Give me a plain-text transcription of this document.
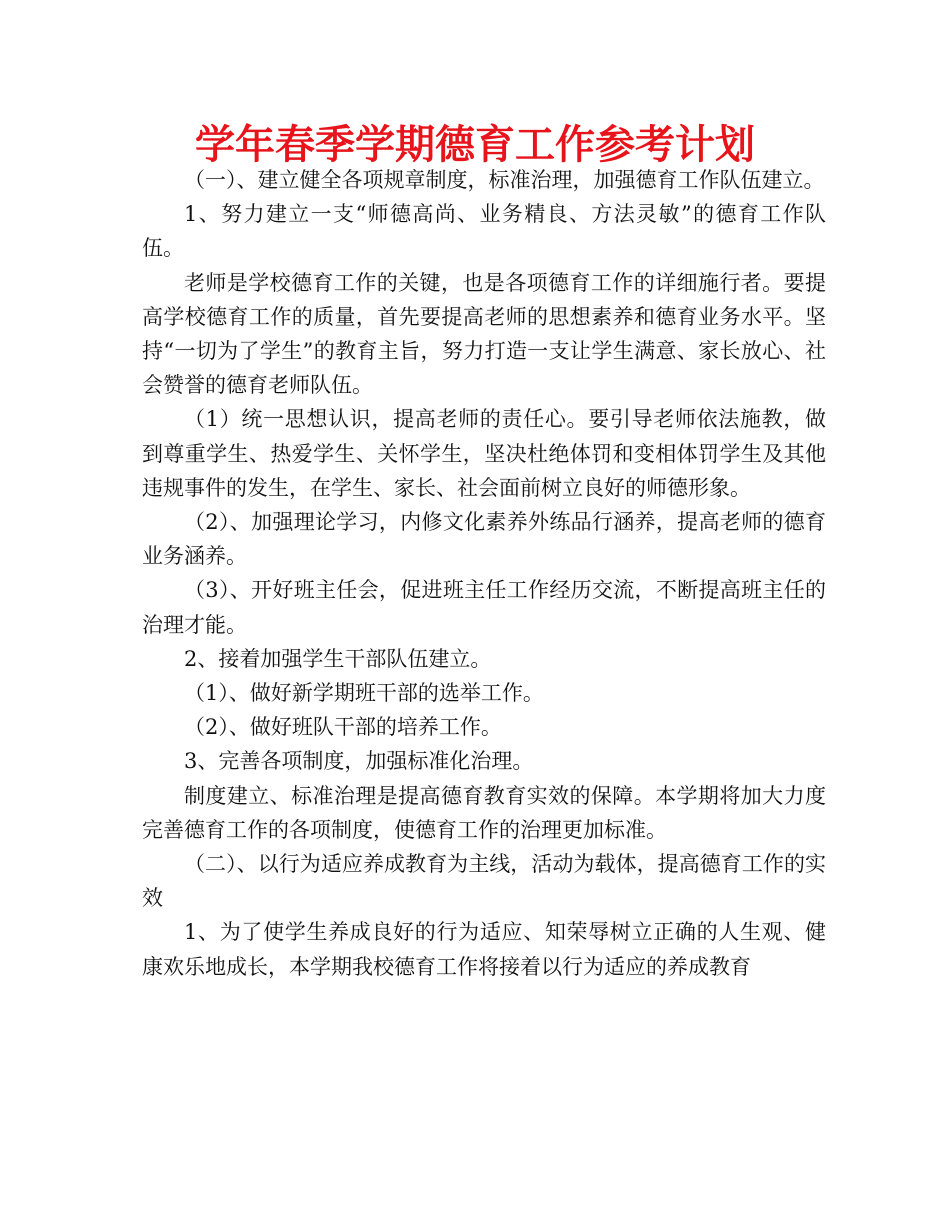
学年春季学期德育工作参考计划

（一）、建立健全各项规章制度，标准治理，加强德育工作队伍建立。

1、努力建立一支“师德高尚、业务精良、方法灵敏”的德育工作队伍。

老师是学校德育工作的关键，也是各项德育工作的详细施行者。要提高学校德育工作的质量，首先要提高老师的思想素养和德育业务水平。坚持“一切为了学生”的教育主旨，努力打造一支让学生满意、家长放心、社会赞誉的德育老师队伍。

（1）统一思想认识，提高老师的责任心。要引导老师依法施教，做到尊重学生、热爱学生、关怀学生，坚决杜绝体罚和变相体罚学生及其他违规事件的发生，在学生、家长、社会面前树立良好的师德形象。

（2）、加强理论学习，内修文化素养外练品行涵养，提高老师的德育业务涵养。

（3）、开好班主任会，促进班主任工作经历交流，不断提高班主任的治理才能。

2、接着加强学生干部队伍建立。

（1）、做好新学期班干部的选举工作。

（2）、做好班队干部的培养工作。

3、完善各项制度，加强标准化治理。

制度建立、标准治理是提高德育教育实效的保障。本学期将加大力度完善德育工作的各项制度，使德育工作的治理更加标准。

（二）、以行为适应养成教育为主线，活动为载体，提高德育工作的实效

1、为了使学生养成良好的行为适应、知荣辱树立正确的人生观、健康欢乐地成长，本学期我校德育工作将接着以行为适应的养成教育
